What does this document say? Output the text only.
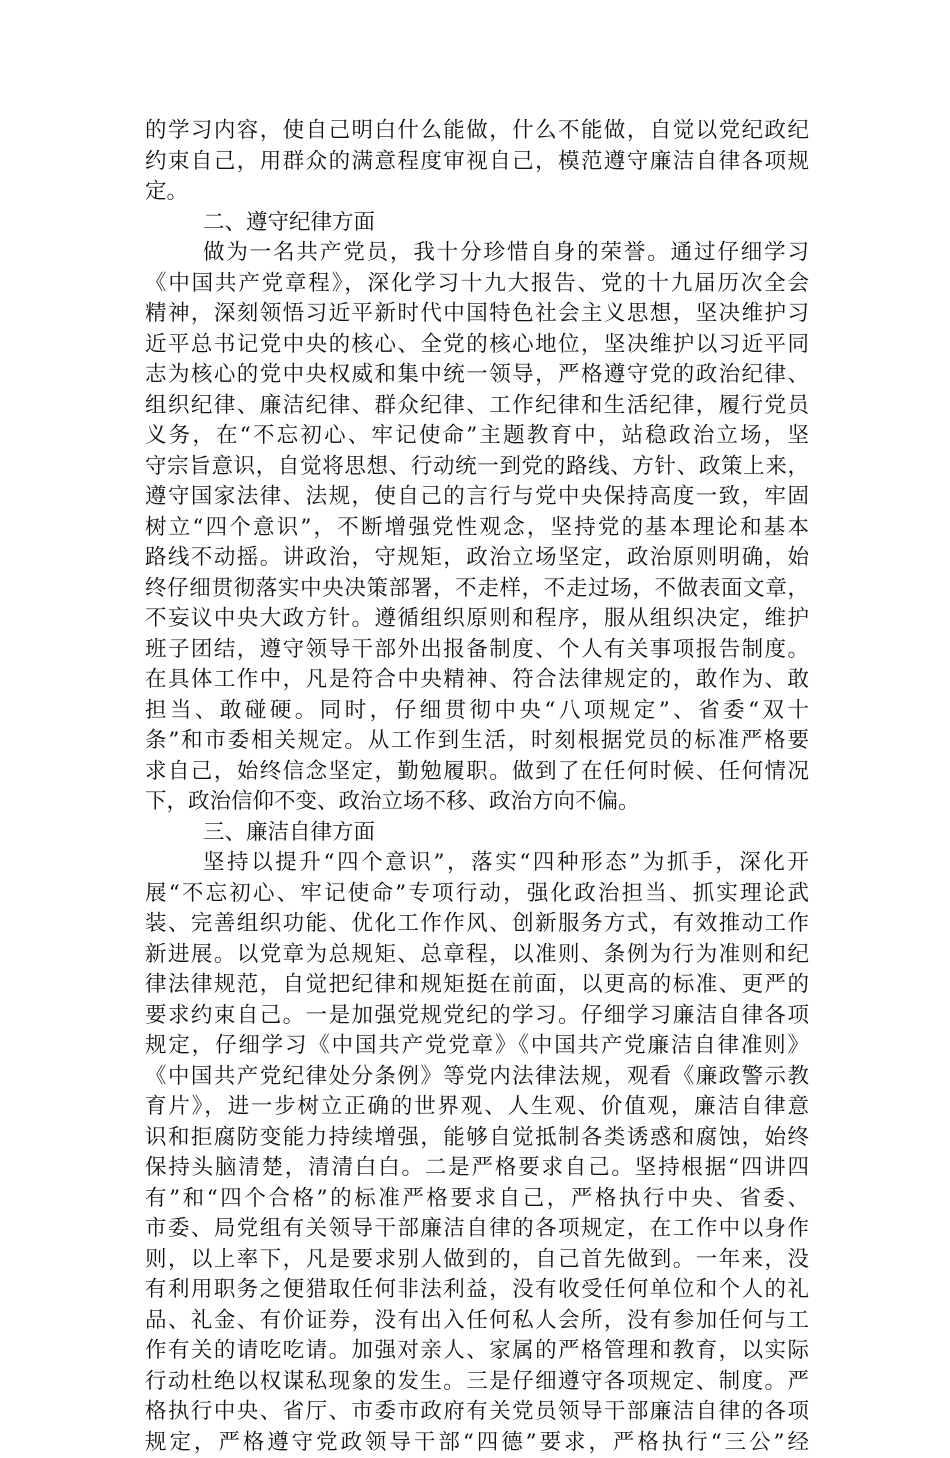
的学习内容，使自己明白什么能做，什么不能做，自觉以党纪政纪
约束自己，用群众的满意程度审视自己，模范遵守廉洁自律各项规
定。
二、遵守纪律方面
做为一名共产党员，我十分珍惜自身的荣誉。通过仔细学习
《中国共产党章程》，深化学习十九大报告、党的十九届历次全会
精神，深刻领悟习近平新时代中国特色社会主义思想，坚决维护习
近平总书记党中央的核心、全党的核心地位，坚决维护以习近平同
志为核心的党中央权威和集中统一领导，严格遵守党的政治纪律、
组织纪律、廉洁纪律、群众纪律、工作纪律和生活纪律，履行党员
义务，在“不忘初心、牢记使命”主题教育中，站稳政治立场，坚
守宗旨意识，自觉将思想、行动统一到党的路线、方针、政策上来，
遵守国家法律、法规，使自己的言行与党中央保持高度一致，牢固
树立“四个意识”，不断增强党性观念，坚持党的基本理论和基本
路线不动摇。讲政治，守规矩，政治立场坚定，政治原则明确，始
终仔细贯彻落实中央决策部署，不走样，不走过场，不做表面文章，
不妄议中央大政方针。遵循组织原则和程序，服从组织决定，维护
班子团结，遵守领导干部外出报备制度、个人有关事项报告制度。
在具体工作中，凡是符合中央精神、符合法律规定的，敢作为、敢
担当、敢碰硬。同时，仔细贯彻中央“八项规定”、省委“双十
条”和市委相关规定。从工作到生活，时刻根据党员的标准严格要
求自己，始终信念坚定，勤勉履职。做到了在任何时候、任何情况
下，政治信仰不变、政治立场不移、政治方向不偏。
三、廉洁自律方面
坚持以提升“四个意识”，落实“四种形态”为抓手，深化开
展“不忘初心、牢记使命”专项行动，强化政治担当、抓实理论武
装、完善组织功能、优化工作作风、创新服务方式，有效推动工作
新进展。以党章为总规矩、总章程，以准则、条例为行为准则和纪
律法律规范，自觉把纪律和规矩挺在前面，以更高的标准、更严的
要求约束自己。一是加强党规党纪的学习。仔细学习廉洁自律各项
规定，仔细学习《中国共产党党章》《中国共产党廉洁自律准则》
《中国共产党纪律处分条例》等党内法律法规，观看《廉政警示教
育片》，进一步树立正确的世界观、人生观、价值观，廉洁自律意
识和拒腐防变能力持续增强，能够自觉抵制各类诱惑和腐蚀，始终
保持头脑清楚，清清白白。二是严格要求自己。坚持根据“四讲四
有”和“四个合格”的标准严格要求自己，严格执行中央、省委、
市委、局党组有关领导干部廉洁自律的各项规定，在工作中以身作
则，以上率下，凡是要求别人做到的，自己首先做到。一年来，没
有利用职务之便猎取任何非法利益，没有收受任何单位和个人的礼
品、礼金、有价证券，没有出入任何私人会所，没有参加任何与工
作有关的请吃吃请。加强对亲人、家属的严格管理和教育，以实际
行动杜绝以权谋私现象的发生。三是仔细遵守各项规定、制度。严
格执行中央、省厅、市委市政府有关党员领导干部廉洁自律的各项
规定，严格遵守党政领导干部“四德”要求，严格执行“三公”经
